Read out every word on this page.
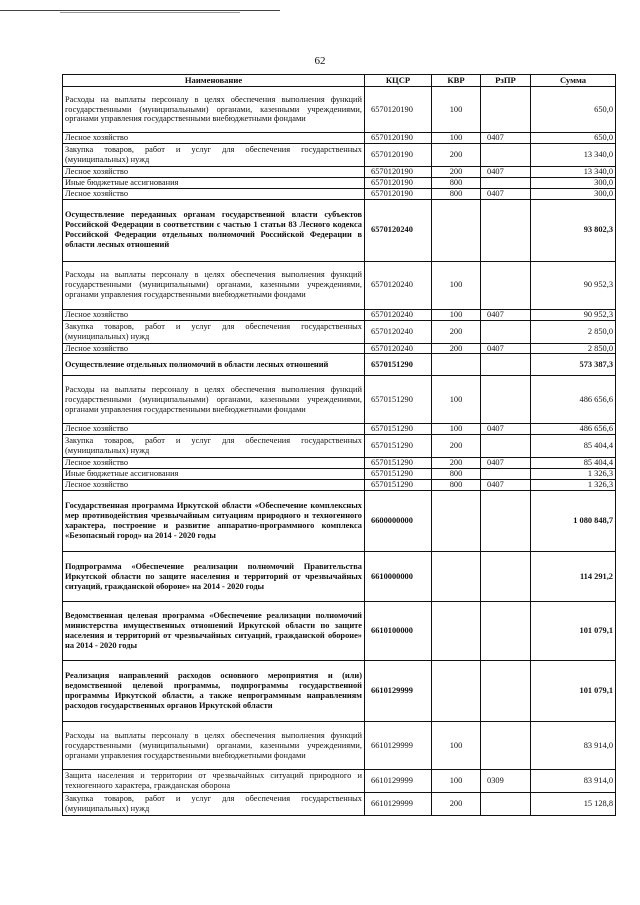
62
Наименование	КЦСР	КВР	РзПР	Сумма
Расходы на выплаты персоналу в целях обеспечения выполнения функций государственными (муниципальными) органами, казенными учреждениями, органами управления государственными внебюджетными фондами	6570120190	100		650,0
Лесное хозяйство	6570120190	100	0407	650,0
Закупка товаров, работ и услуг для обеспечения государственных (муниципальных) нужд	6570120190	200		13 340,0
Лесное хозяйство	6570120190	200	0407	13 340,0
Иные бюджетные ассигнования	6570120190	800		300,0
Лесное хозяйство	6570120190	800	0407	300,0
Осуществление переданных органам государственной власти субъектов Российской Федерации в соответствии с частью 1 статьи 83 Лесного кодекса Российской Федерации отдельных полномочий Российской Федерации в области лесных отношений	6570120240			93 802,3
Расходы на выплаты персоналу в целях обеспечения выполнения функций государственными (муниципальными) органами, казенными учреждениями, органами управления государственными внебюджетными фондами	6570120240	100		90 952,3
Лесное хозяйство	6570120240	100	0407	90 952,3
Закупка товаров, работ и услуг для обеспечения государственных (муниципальных) нужд	6570120240	200		2 850,0
Лесное хозяйство	6570120240	200	0407	2 850,0
Осуществление отдельных полномочий в области лесных отношений	6570151290			573 387,3
Расходы на выплаты персоналу в целях обеспечения выполнения функций государственными (муниципальными) органами, казенными учреждениями, органами управления государственными внебюджетными фондами	6570151290	100		486 656,6
Лесное хозяйство	6570151290	100	0407	486 656,6
Закупка товаров, работ и услуг для обеспечения государственных (муниципальных) нужд	6570151290	200		85 404,4
Лесное хозяйство	6570151290	200	0407	85 404,4
Иные бюджетные ассигнования	6570151290	800		1 326,3
Лесное хозяйство	6570151290	800	0407	1 326,3
Государственная программа Иркутской области «Обеспечение комплексных мер противодействия чрезвычайным ситуациям природного и техногенного характера, построение и развитие аппаратно-программного комплекса «Безопасный город» на 2014 - 2020 годы	6600000000			1 080 848,7
Подпрограмма «Обеспечение реализации полномочий Правительства Иркутской области по защите населения и территорий от чрезвычайных ситуаций, гражданской обороне» на 2014 - 2020 годы	6610000000			114 291,2
Ведомственная целевая программа «Обеспечение реализации полномочий министерства имущественных отношений Иркутской области по защите населения и территорий от чрезвычайных ситуаций, гражданской обороне» на 2014 - 2020 годы	6610100000			101 079,1
Реализация направлений расходов основного мероприятия и (или) ведомственной целевой программы, подпрограммы государственной программы Иркутской области, а также непрограммным направлениям расходов государственных органов Иркутской области	6610129999			101 079,1
Расходы на выплаты персоналу в целях обеспечения выполнения функций государственными (муниципальными) органами, казенными учреждениями, органами управления государственными внебюджетными фондами	6610129999	100		83 914,0
Защита населения и территории от чрезвычайных ситуаций природного и техногенного характера, гражданская оборона	6610129999	100	0309	83 914,0
Закупка товаров, работ и услуг для обеспечения государственных (муниципальных) нужд	6610129999	200		15 128,8
